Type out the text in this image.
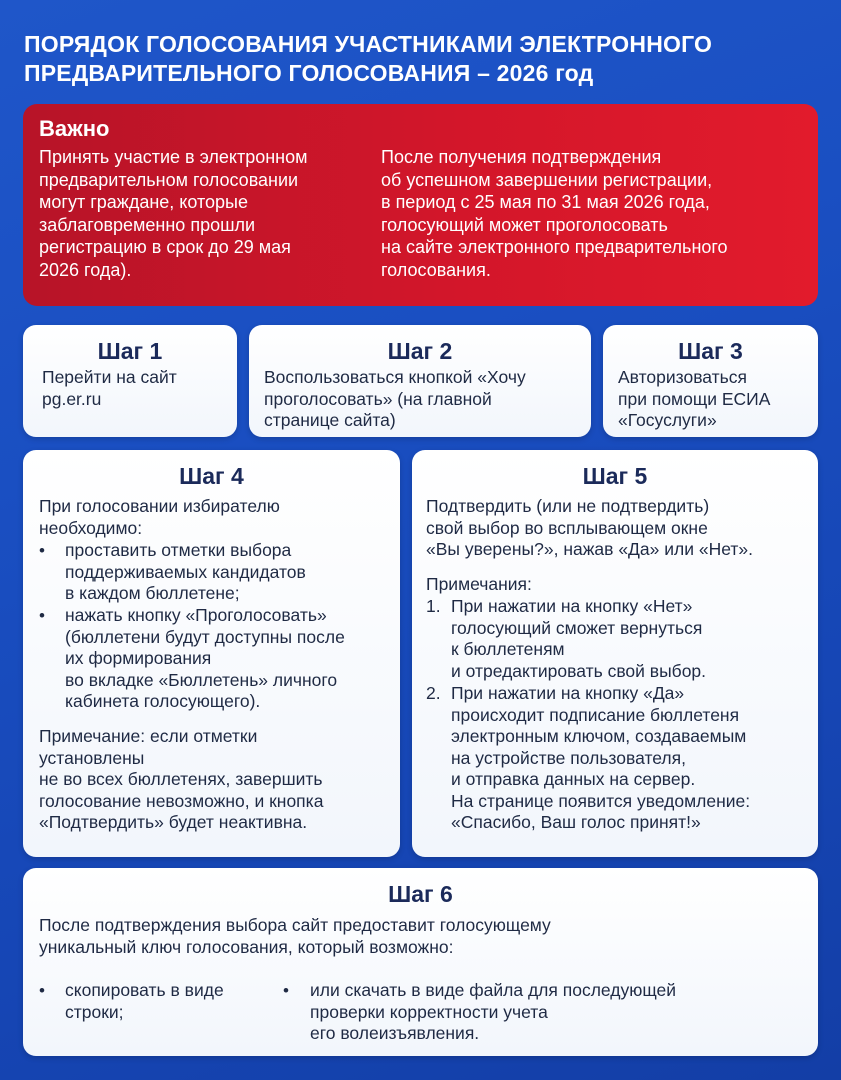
ПОРЯДОК ГОЛОСОВАНИЯ УЧАСТНИКАМИ ЭЛЕКТРОННОГО
ПРЕДВАРИТЕЛЬНОГО ГОЛОСОВАНИЯ – 2026 год
Важно

Принять участие в электронном
предварительном голосовании
могут граждане, которые
заблаговременно прошли
регистрацию в срок до 29 мая
2026 года).

После получения подтверждения
об успешном завершении регистрации,
в период с 25 мая по 31 мая 2026 года,
голосующий может проголосовать
на сайте электронного предварительного
голосования.

Шаг 1

Перейти на сайт
pg.er.ru

Шаг 2

Воспользоваться кнопкой «Хочу
проголосовать» (на главной
странице сайта)

Шаг 3

Авторизоваться
при помощи ЕСИА
«Госуслуги»

Шаг 4

При голосовании избирателю
необходимо:

• проставить отметки выбора
поддерживаемых кандидатов
в каждом бюллетене;

• нажать кнопку «Проголосовать»
(бюллетени будут доступны после
их формирования
во вкладке «Бюллетень» личного
кабинета голосующего).

Примечание: если отметки
установлены
не во всех бюллетенях, завершить
голосование невозможно, и кнопка
«Подтвердить» будет неактивна.

Шаг 5

Подтвердить (или не подтвердить)
свой выбор во всплывающем окне
«Вы уверены?», нажав «Да» или «Нет».

Примечания:

1. При нажатии на кнопку «Нет»
голосующий сможет вернуться
к бюллетеням
и отредактировать свой выбор.

2. При нажатии на кнопку «Да»
происходит подписание бюллетеня
электронным ключом, создаваемым
на устройстве пользователя,
и отправка данных на сервер.
На странице появится уведомление:
«Спасибо, Ваш голос принят!»

Шаг 6

После подтверждения выбора сайт предоставит голосующему
уникальный ключ голосования, который возможно:

• скопировать в виде
строки;

• или скачать в виде файла для последующей
проверки корректности учета
его волеизъявления.
